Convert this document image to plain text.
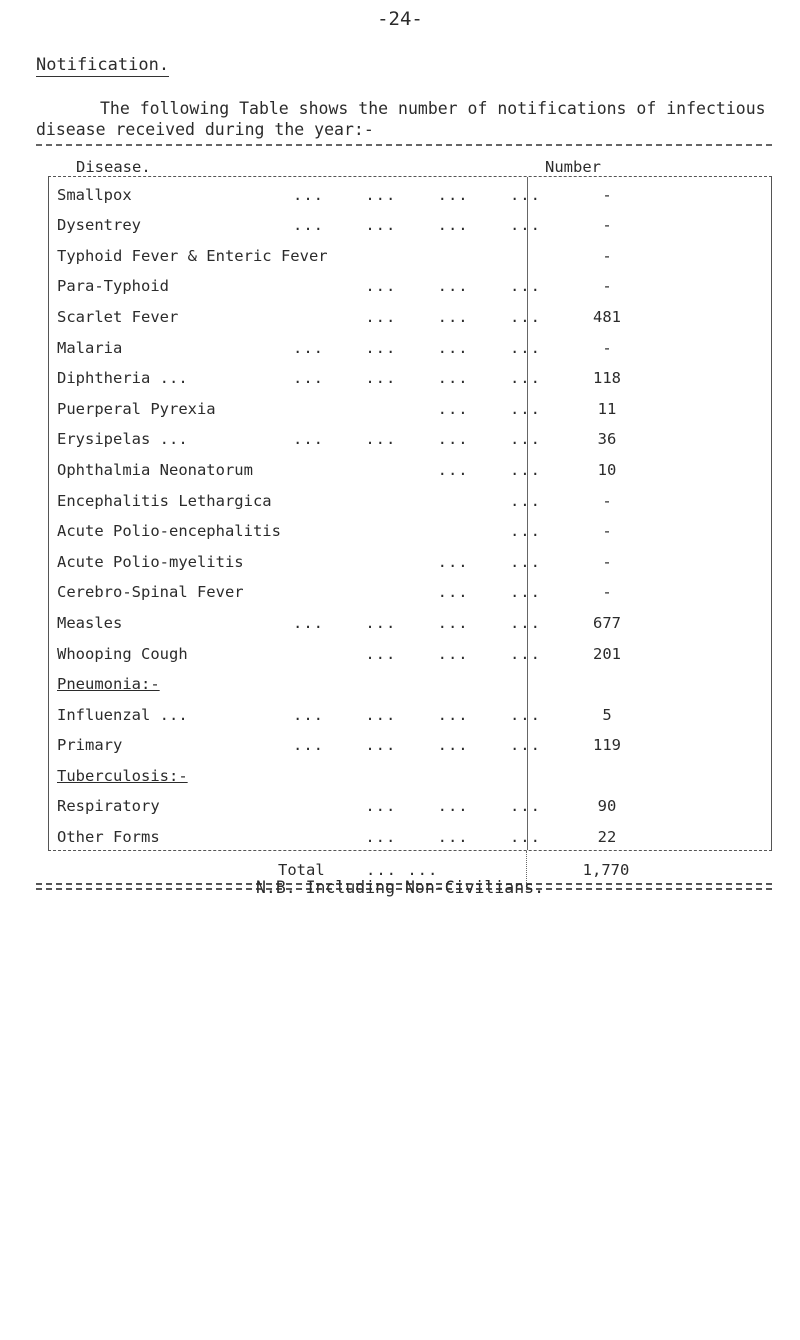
-24-
Notification.

The following Table shows the number of notifications of infectious disease received during the year:-

Disease.	Number
Smallpox	...    ...    ...    ...	-
Dysentrey	...    ...    ...    ...	-
Typhoid Fever & Enteric Fever	-
Para-Typhoid	...    ...    ...	-
Scarlet Fever	...    ...    ...	481
Malaria	...    ...    ...    ...	-
Diphtheria ...	...    ...    ...    ...	118
Puerperal Pyrexia	...    ...	11
Erysipelas ...	...    ...    ...    ...	36
Ophthalmia Neonatorum	...    ...	10
Encephalitis Lethargica ...	-
Acute Polio-encephalitis ...	-
Acute Polio-myelitis	...    ...	-
Cerebro-Spinal Fever	...    ...	-
Measles	...    ...    ...    ...	677
Whooping Cough	...    ...    ...	201
Pneumonia:-
Influenzal ...	...    ...    ...    ...	5
Primary	...    ...    ...    ...	119
Tuberculosis:-
Respiratory	...    ...    ...	90
Other Forms	...    ...    ...	22
Total	... ...	1,770
N.B. Including Non-Civilians.
